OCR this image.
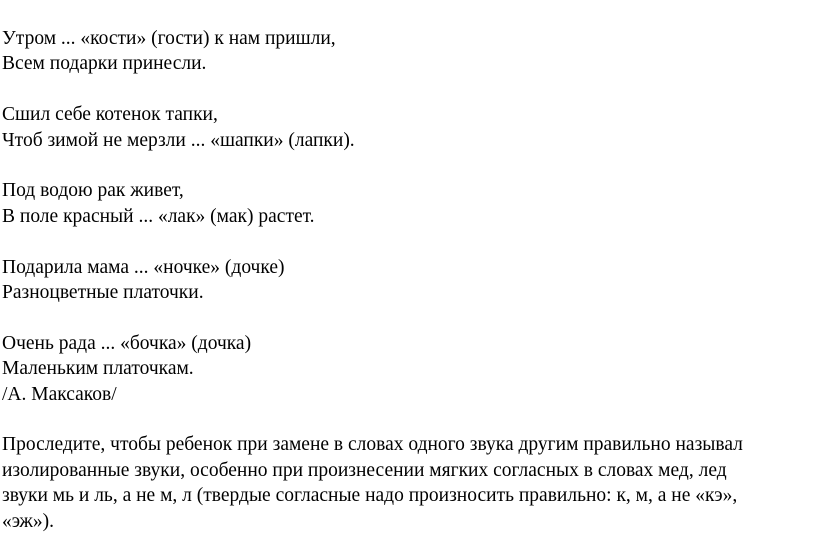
Утром ... «кости» (гости) к нам пришли,
Всем подарки принесли.
Сшил себе котенок тапки,
Чтоб зимой не мерзли ... «шапки» (лапки).
Под водою рак живет,
В поле красный ... «лак» (мак) растет.
Подарила мама ... «ночке» (дочке)
Разноцветные платочки.
Очень рада ... «бочка» (дочка)
Маленьким платочкам.
/А. Максаков/
Проследите, чтобы ребенок при замене в словах одного звука другим правильно называл
изолированные звуки, особенно при произнесении мягких согласных в словах мед, лед
звуки мь и ль, а не м, л (твердые согласные надо произносить правильно: к, м, а не «кэ»,
«эж»).
